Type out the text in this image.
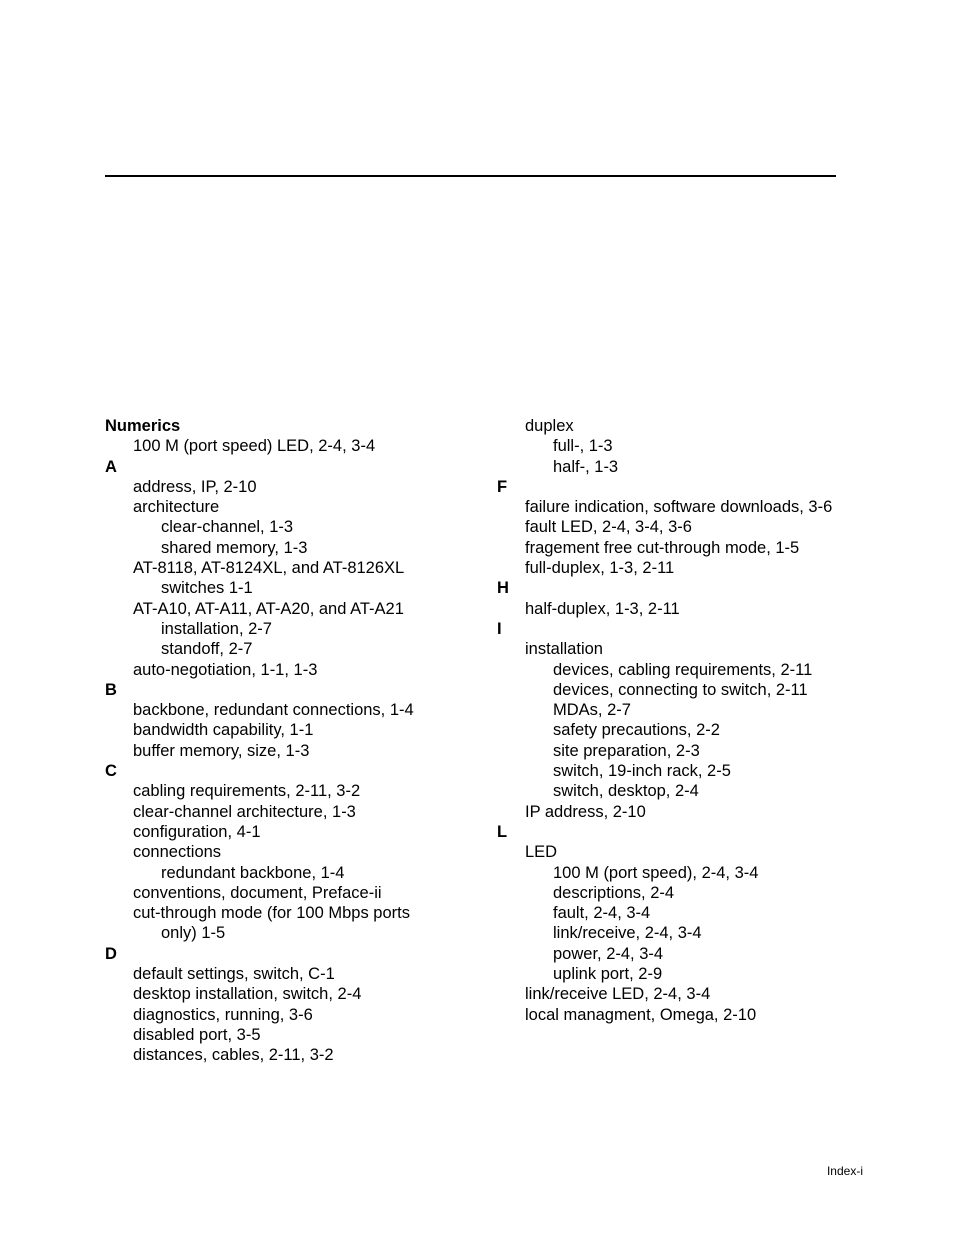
Numerics
100 M (port speed) LED, 2-4, 3-4
A
address, IP, 2-10
architecture
clear-channel, 1-3
shared memory, 1-3
AT-8118, AT-8124XL, and AT-8126XL
switches 1-1
AT-A10, AT-A11, AT-A20, and AT-A21
installation, 2-7
standoff, 2-7
auto-negotiation, 1-1, 1-3
B
backbone, redundant connections, 1-4
bandwidth capability, 1-1
buffer memory, size, 1-3
C
cabling requirements, 2-11, 3-2
clear-channel architecture, 1-3
configuration, 4-1
connections
redundant backbone, 1-4
conventions, document, Preface-ii
cut-through mode (for 100 Mbps ports
only) 1-5
D
default settings, switch, C-1
desktop installation, switch, 2-4
diagnostics, running, 3-6
disabled port, 3-5
distances, cables, 2-11, 3-2
duplex
full-, 1-3
half-, 1-3
F
failure indication, software downloads, 3-6
fault LED, 2-4, 3-4, 3-6
fragement free cut-through mode, 1-5
full-duplex, 1-3, 2-11
H
half-duplex, 1-3, 2-11
I
installation
devices, cabling requirements, 2-11
devices, connecting to switch, 2-11
MDAs, 2-7
safety precautions, 2-2
site preparation, 2-3
switch, 19-inch rack, 2-5
switch, desktop, 2-4
IP address, 2-10
L
LED
100 M (port speed), 2-4, 3-4
descriptions, 2-4
fault, 2-4, 3-4
link/receive, 2-4, 3-4
power, 2-4, 3-4
uplink port, 2-9
link/receive LED, 2-4, 3-4
local managment, Omega, 2-10
Index-i
